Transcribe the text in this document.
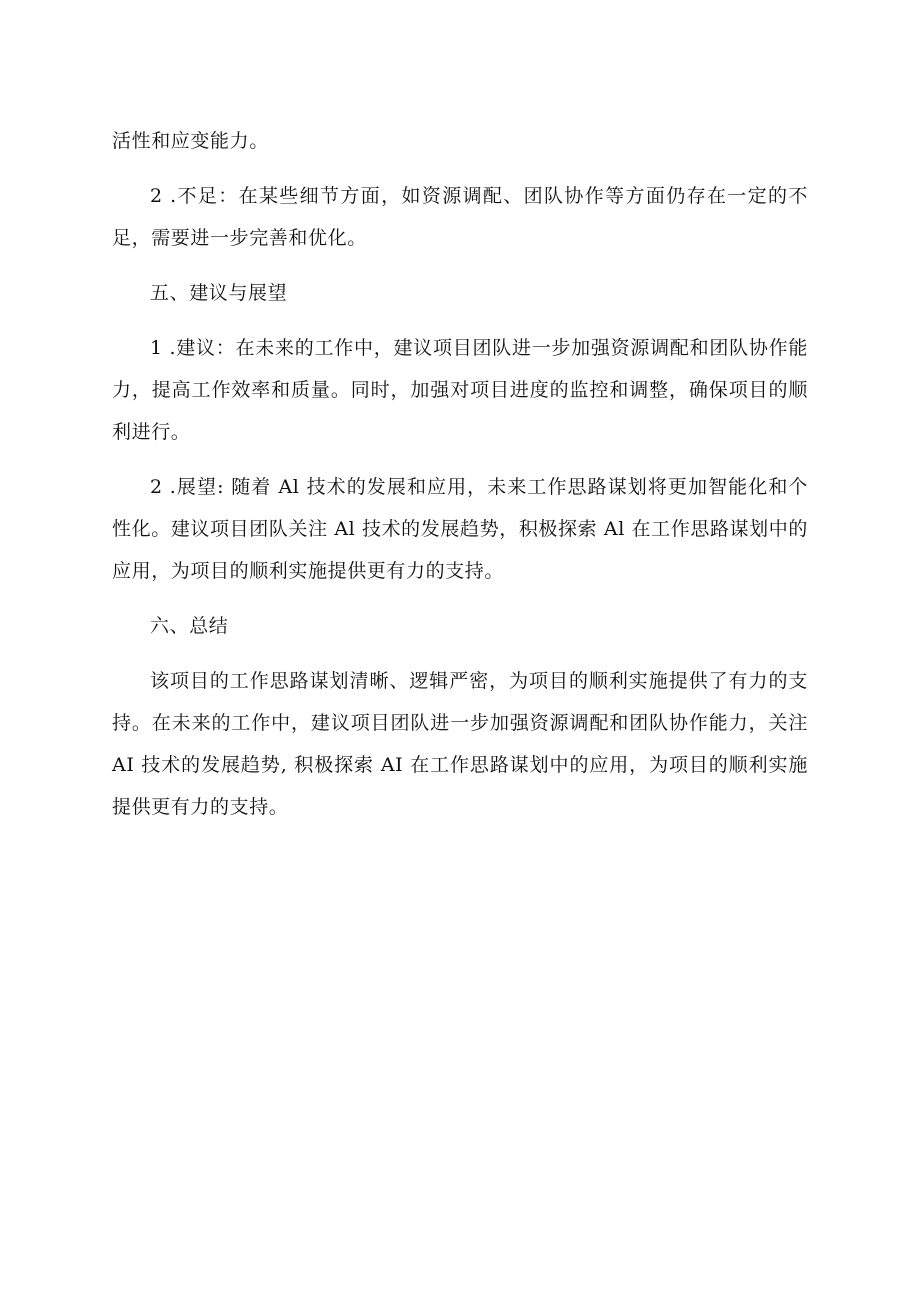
活性和应变能力。

2 .不足：在某些细节方面，如资源调配、团队协作等方面仍存在一定的不足，需要进一步完善和优化。

五、建议与展望

1 .建议：在未来的工作中，建议项目团队进一步加强资源调配和团队协作能力，提高工作效率和质量。同时，加强对项目进度的监控和调整，确保项目的顺利进行。

2 .展望: 随着 Al 技术的发展和应用，未来工作思路谋划将更加智能化和个性化。建议项目团队关注 Al 技术的发展趋势，积极探索 Al 在工作思路谋划中的应用，为项目的顺利实施提供更有力的支持。

六、总结

该项目的工作思路谋划清晰、逻辑严密，为项目的顺利实施提供了有力的支持。在未来的工作中，建议项目团队进一步加强资源调配和团队协作能力，关注 AI 技术的发展趋势, 积极探索 AI 在工作思路谋划中的应用，为项目的顺利实施提供更有力的支持。
